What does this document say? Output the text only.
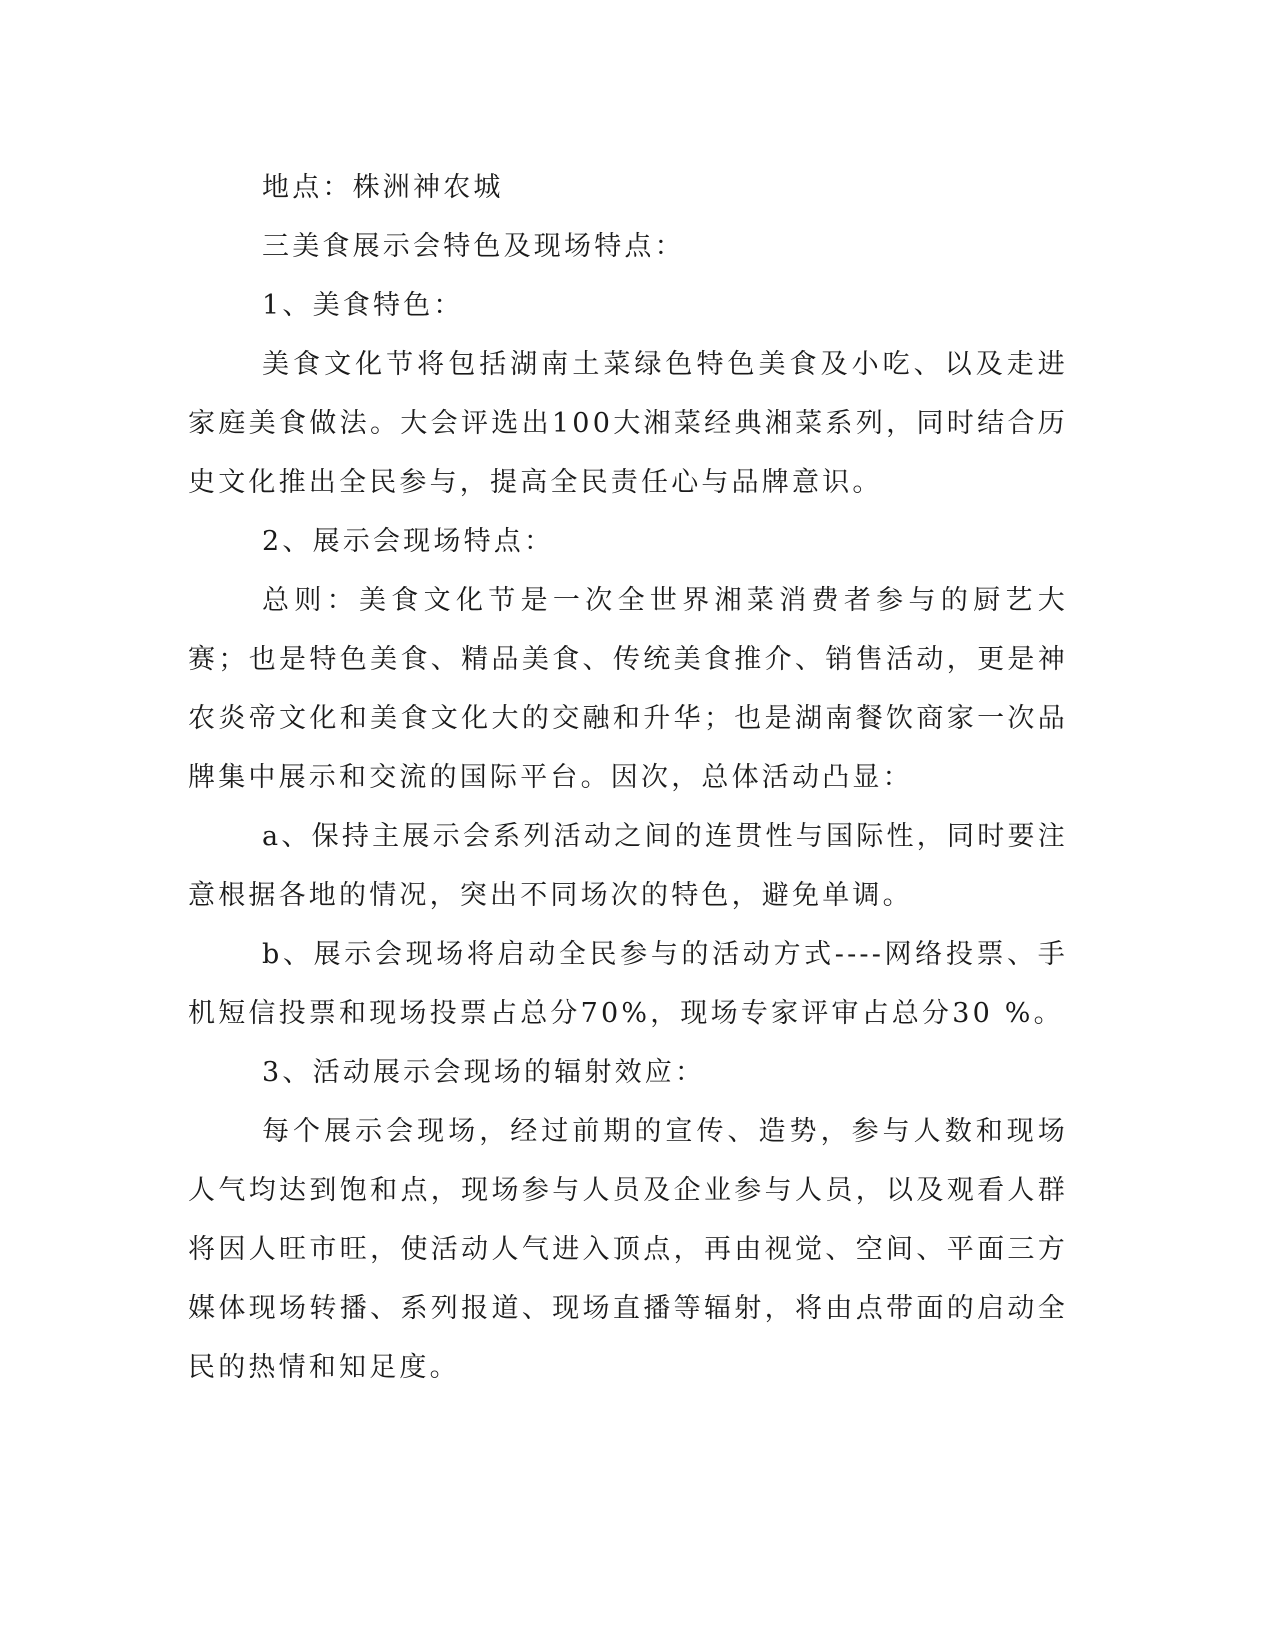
地点：株洲神农城

三美食展示会特色及现场特点：

1、美食特色：

美食文化节将包括湖南土菜绿色特色美食及小吃、以及走进家庭美食做法。大会评选出100大湘菜经典湘菜系列，同时结合历史文化推出全民参与，提高全民责任心与品牌意识。

2、展示会现场特点：

总则：美食文化节是一次全世界湘菜消费者参与的厨艺大赛；也是特色美食、精品美食、传统美食推介、销售活动，更是神农炎帝文化和美食文化大的交融和升华；也是湖南餐饮商家一次品牌集中展示和交流的国际平台。因次，总体活动凸显：

a、保持主展示会系列活动之间的连贯性与国际性，同时要注意根据各地的情况，突出不同场次的特色，避免单调。

b、展示会现场将启动全民参与的活动方式----网络投票、手机短信投票和现场投票占总分70%，现场专家评审占总分30 %。

3、活动展示会现场的辐射效应：

每个展示会现场，经过前期的宣传、造势，参与人数和现场人气均达到饱和点，现场参与人员及企业参与人员，以及观看人群将因人旺市旺，使活动人气进入顶点，再由视觉、空间、平面三方媒体现场转播、系列报道、现场直播等辐射，将由点带面的启动全民的热情和知足度。
